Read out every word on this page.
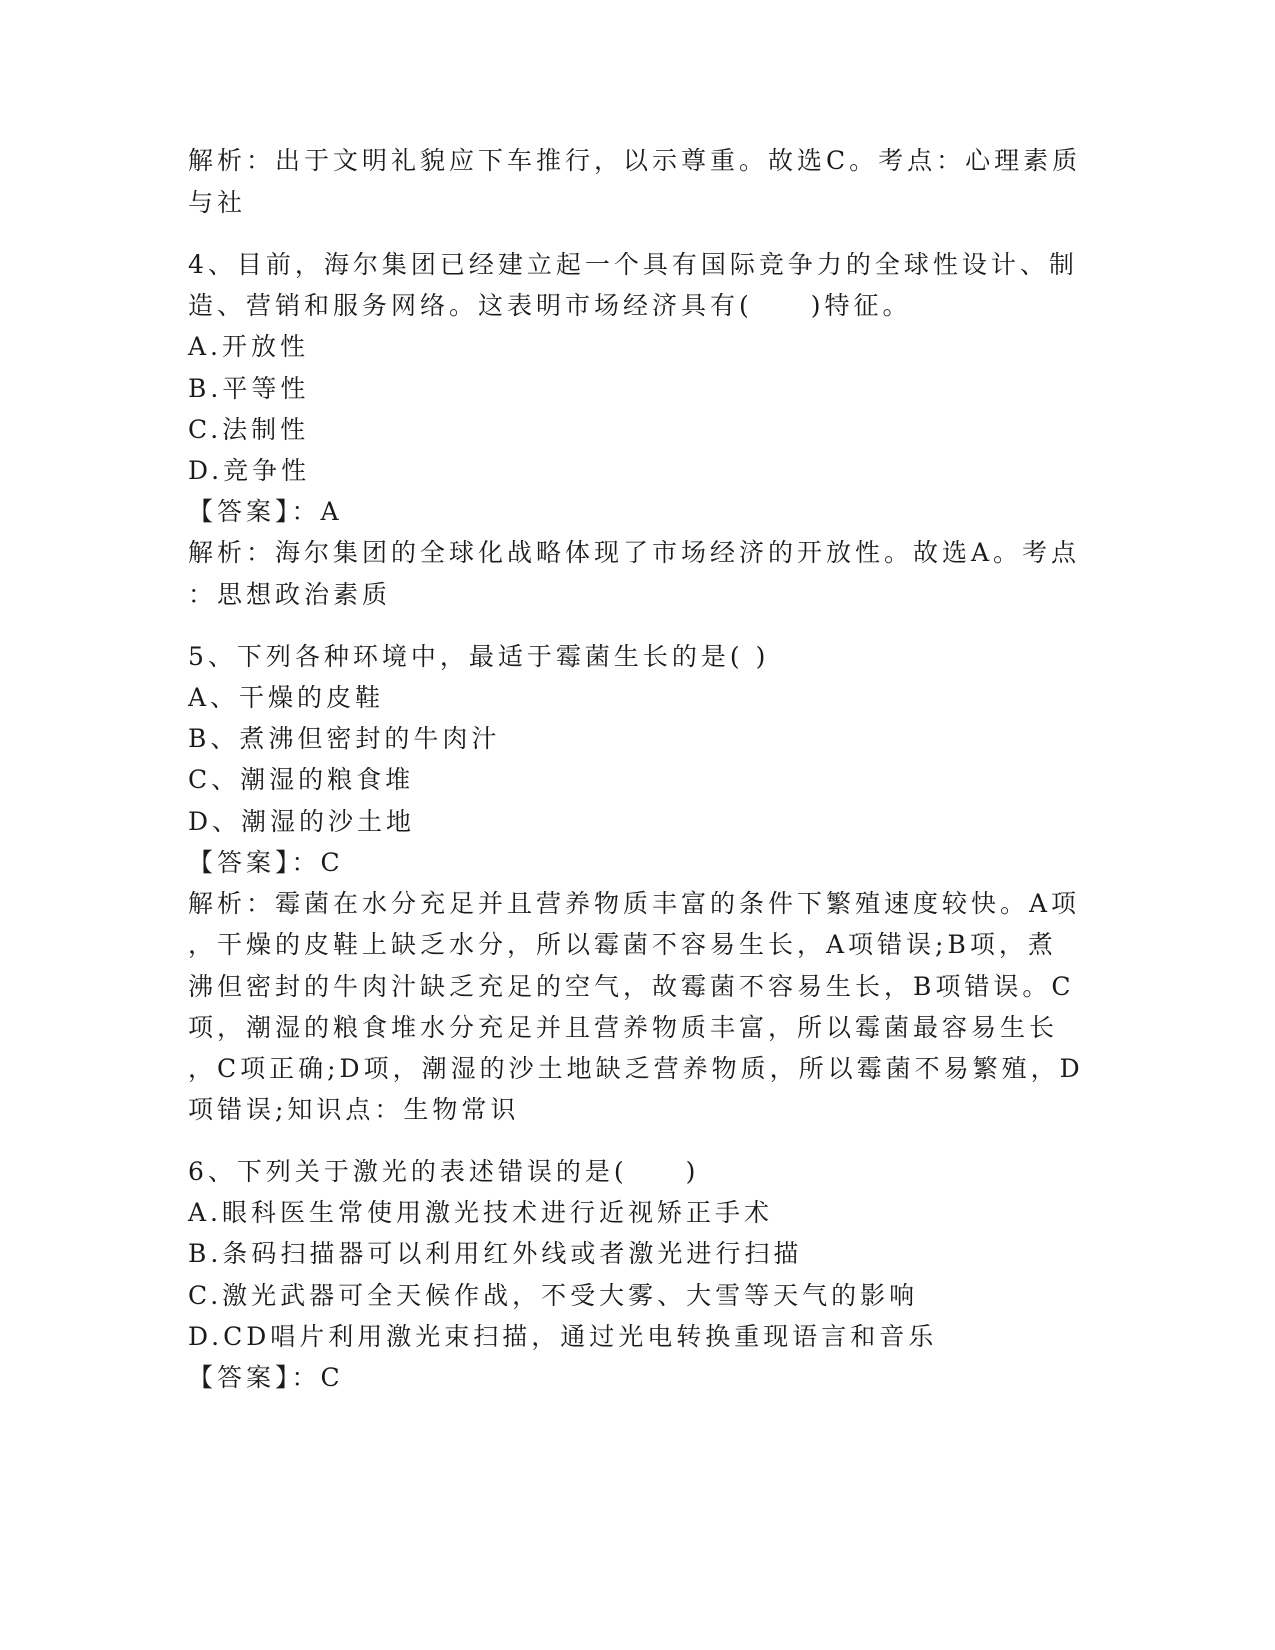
解析：出于文明礼貌应下车推行，以示尊重。故选C。考点：心理素质

与社

4、目前，海尔集团已经建立起一个具有国际竞争力的全球性设计、制

造、营销和服务网络。这表明市场经济具有(　　)特征。

A.开放性

B.平等性

C.法制性

D.竞争性

【答案】：A

解析：海尔集团的全球化战略体现了市场经济的开放性。故选A。考点

：思想政治素质

5、下列各种环境中，最适于霉菌生长的是( )

A、干燥的皮鞋

B、煮沸但密封的牛肉汁

C、潮湿的粮食堆

D、潮湿的沙土地

【答案】：C

解析：霉菌在水分充足并且营养物质丰富的条件下繁殖速度较快。A项

，干燥的皮鞋上缺乏水分，所以霉菌不容易生长，A项错误;B项，煮

沸但密封的牛肉汁缺乏充足的空气，故霉菌不容易生长，B项错误。C

项，潮湿的粮食堆水分充足并且营养物质丰富，所以霉菌最容易生长

，C项正确;D项，潮湿的沙土地缺乏营养物质，所以霉菌不易繁殖，D

项错误;知识点：生物常识

6、下列关于激光的表述错误的是(　　)

A.眼科医生常使用激光技术进行近视矫正手术

B.条码扫描器可以利用红外线或者激光进行扫描

C.激光武器可全天候作战，不受大雾、大雪等天气的影响

D.CD唱片利用激光束扫描，通过光电转换重现语言和音乐

【答案】：C
